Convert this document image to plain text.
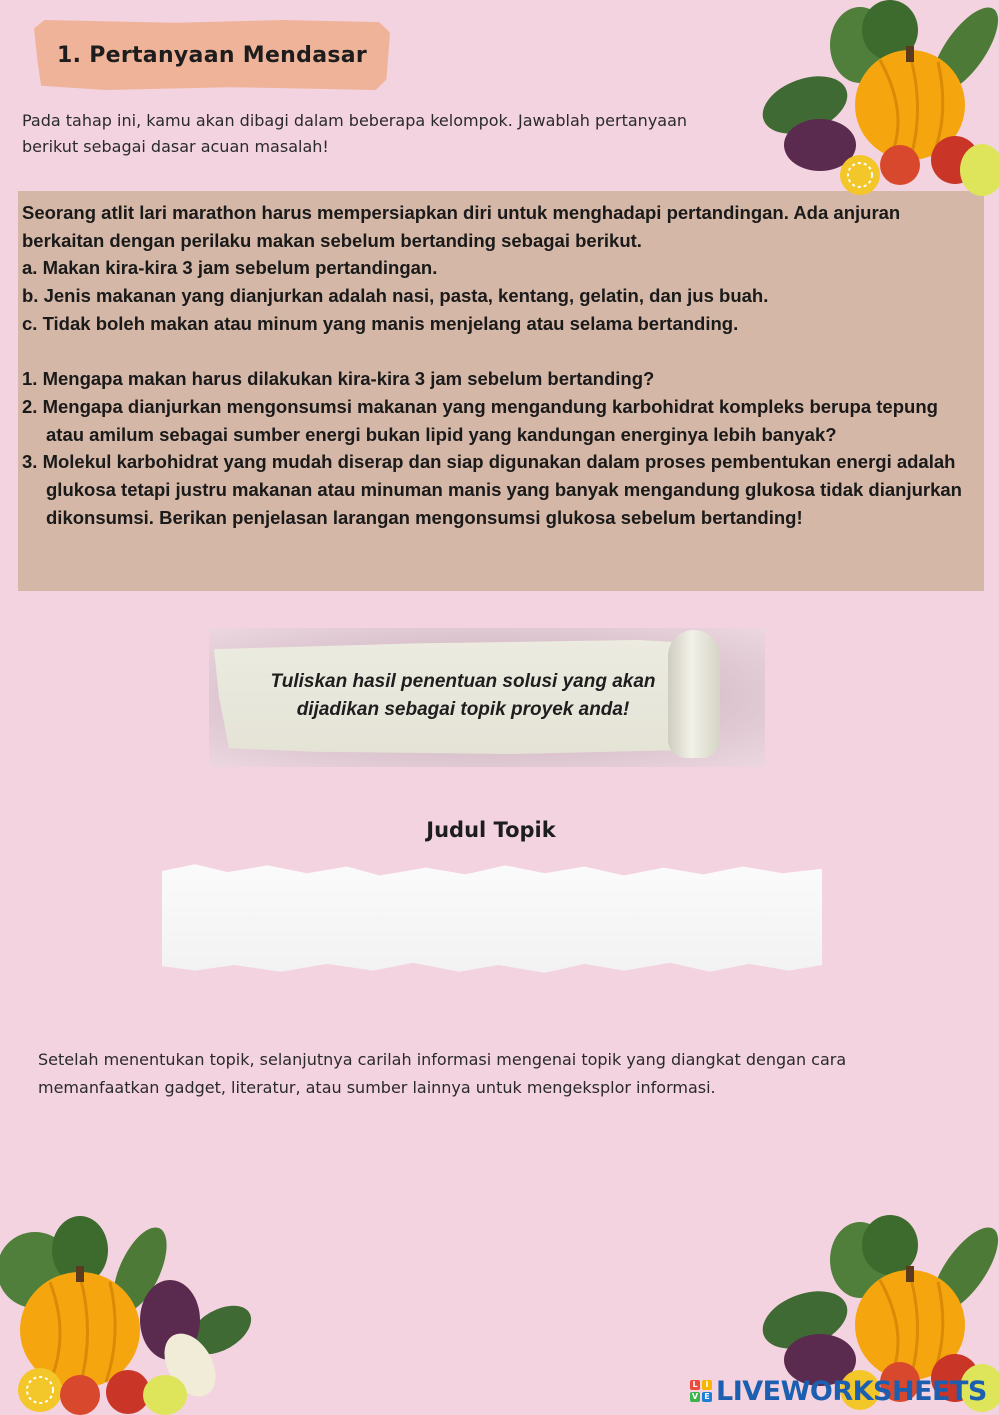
1. Pertanyaan Mendasar
Pada tahap ini, kamu akan dibagi dalam beberapa kelompok. Jawablah pertanyaan
berikut sebagai dasar acuan masalah!

Seorang atlit lari marathon harus mempersiapkan diri untuk menghadapi pertandingan. Ada anjuran berkaitan dengan perilaku makan sebelum bertanding sebagai berikut.

a. Makan kira-kira 3 jam sebelum pertandingan.

b. Jenis makanan yang dianjurkan adalah nasi, pasta, kentang, gelatin, dan jus buah.

c. Tidak boleh makan atau minum yang manis menjelang atau selama bertanding.

1. Mengapa makan harus dilakukan kira-kira 3 jam sebelum bertanding?

2. Mengapa dianjurkan mengonsumsi makanan yang mengandung karbohidrat kompleks berupa tepung atau amilum sebagai sumber energi bukan lipid yang kandungan energinya lebih banyak?

3. Molekul karbohidrat yang mudah diserap dan siap digunakan dalam proses pembentukan energi adalah glukosa tetapi justru makanan atau minuman manis yang banyak mengandung glukosa tidak dianjurkan dikonsumsi. Berikan penjelasan larangan mengonsumsi glukosa sebelum bertanding!

Tuliskan hasil penentuan solusi yang akan
dijadikan sebagai topik proyek anda!
Judul Topik
Setelah menentukan topik, selanjutnya carilah informasi mengenai topik yang diangkat dengan cara
memanfaatkan gadget, literatur, atau sumber lainnya untuk mengeksplor informasi.
L I
V E LIVEWORKSHEETS
